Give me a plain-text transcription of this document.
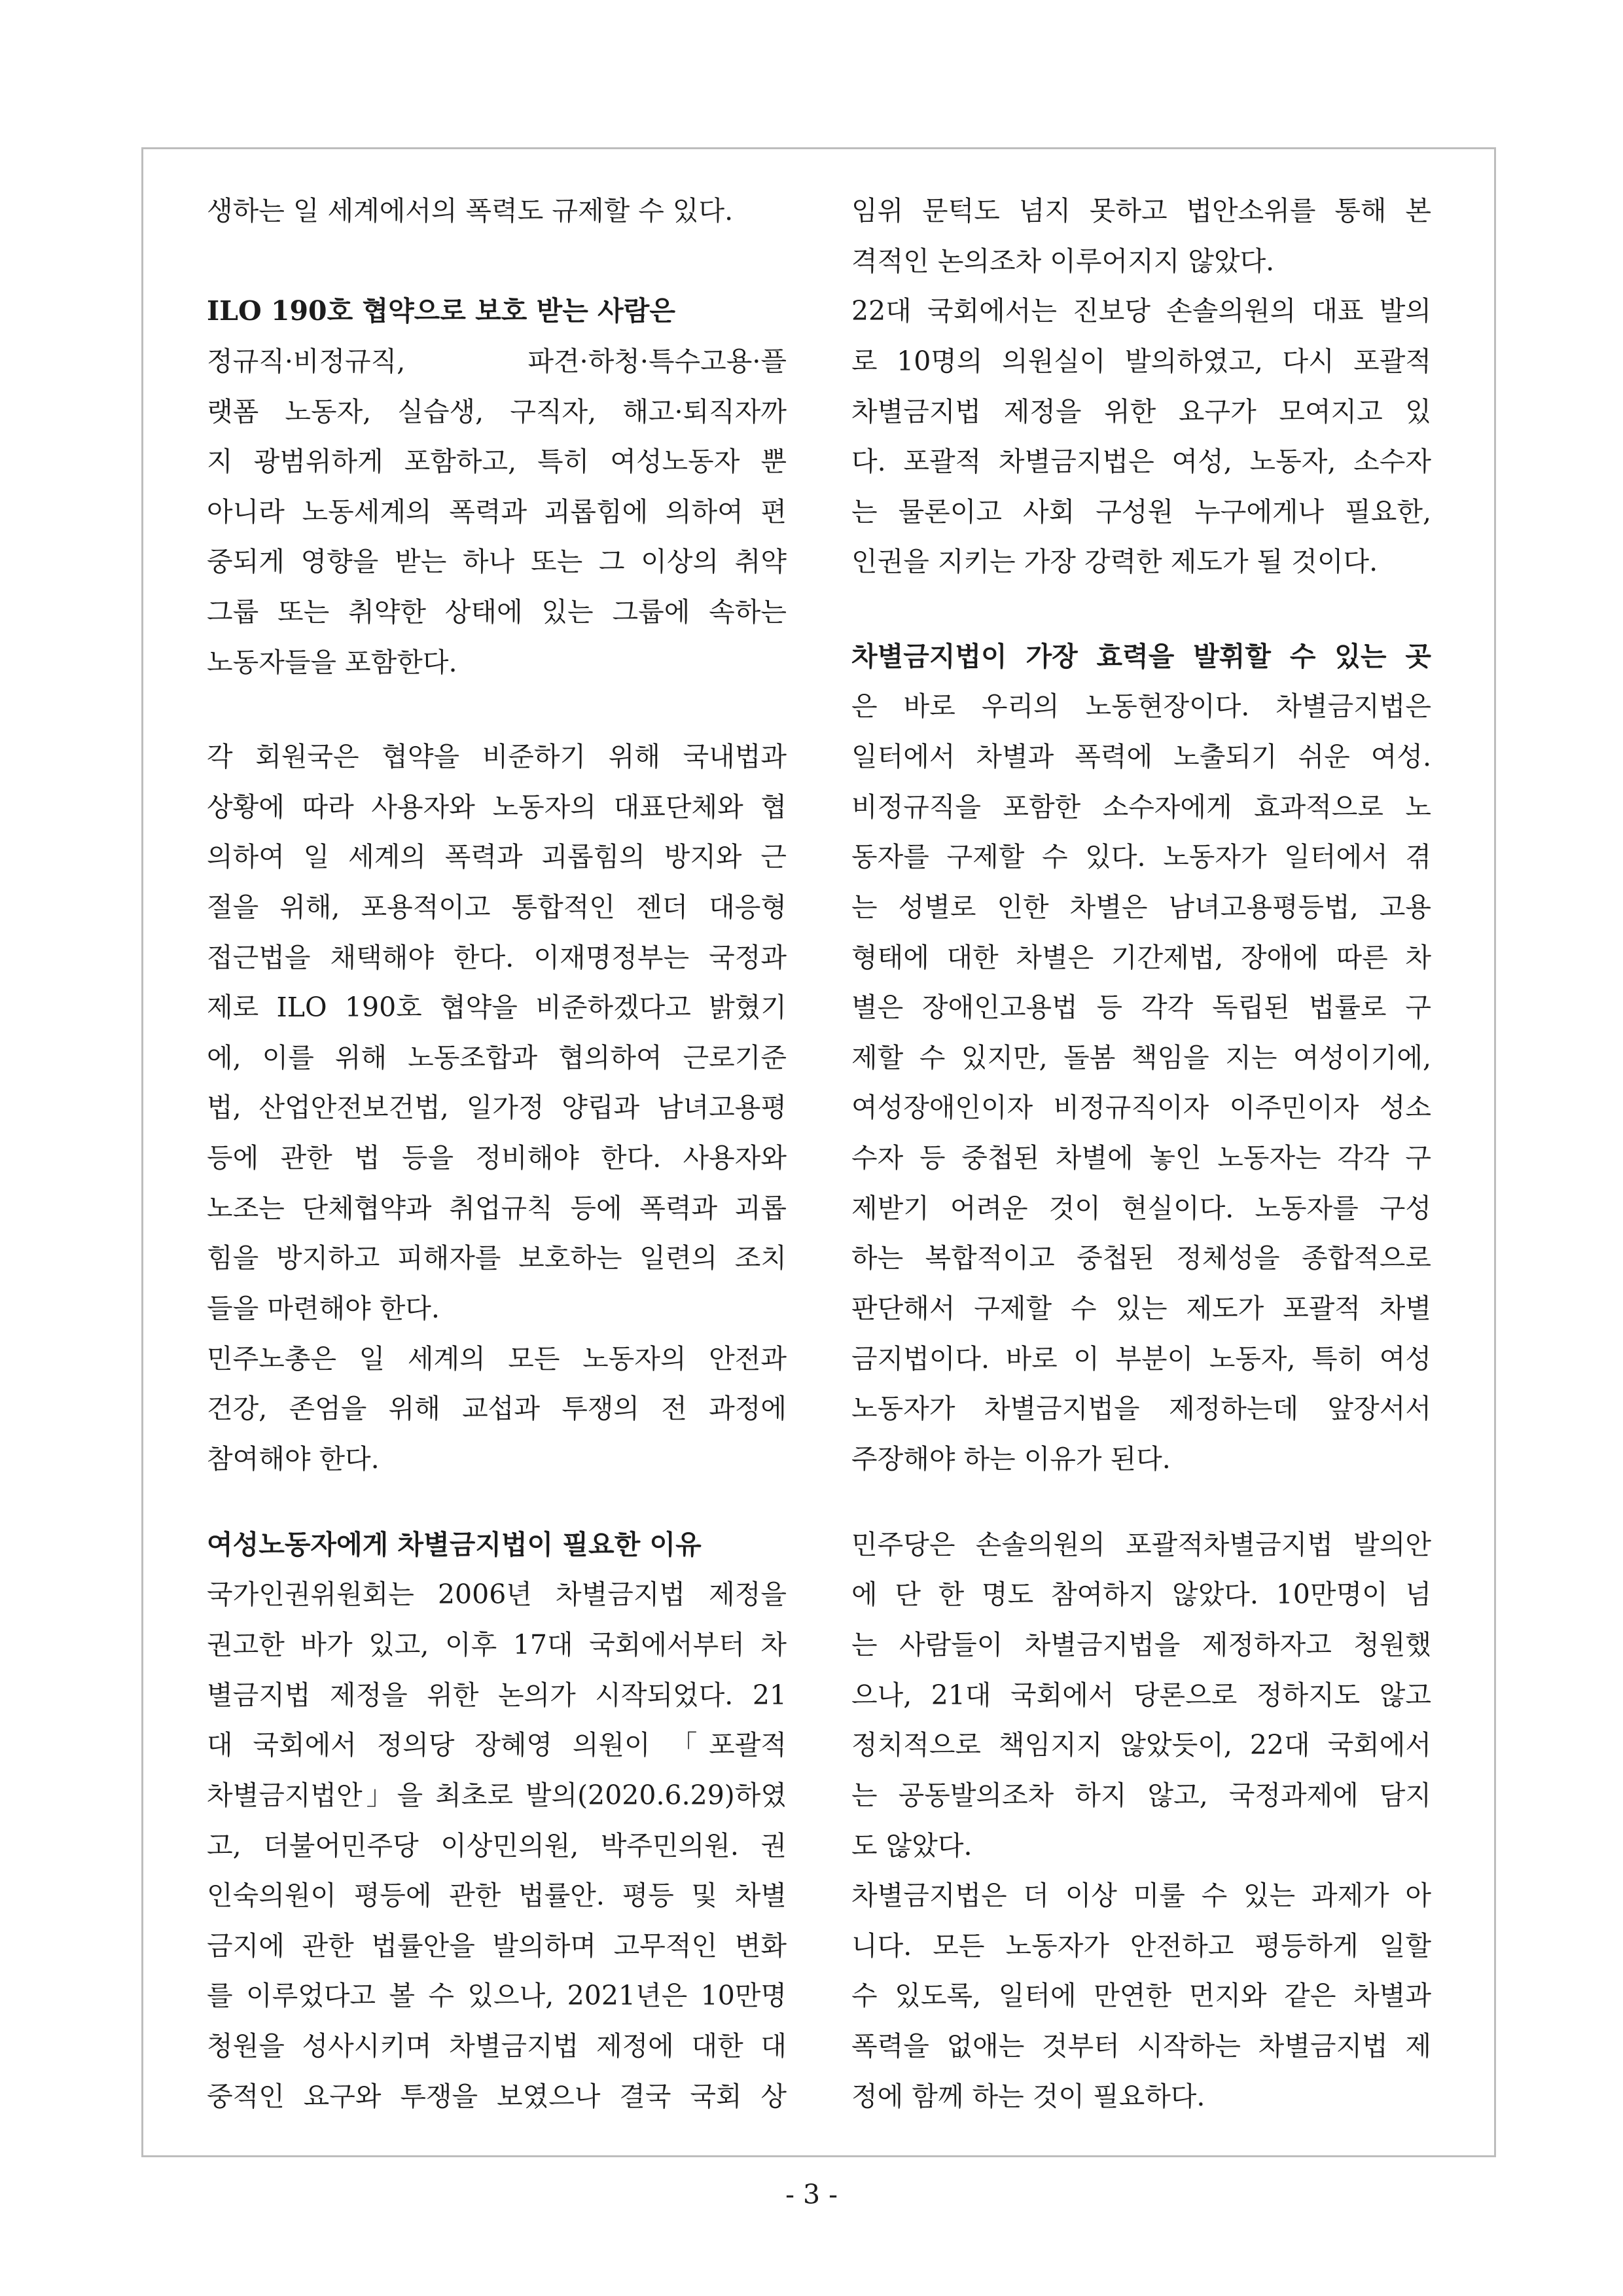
생하는 일 세계에서의 폭력도 규제할 수 있다.
ILO 190호 협약으로 보호 받는 사람은
정규직·비정규직, 파견·하청·특수고용·플
랫폼 노동자, 실습생, 구직자, 해고·퇴직자까
지 광범위하게 포함하고, 특히 여성노동자 뿐
아니라 노동세계의 폭력과 괴롭힘에 의하여 편
중되게 영향을 받는 하나 또는 그 이상의 취약
그룹 또는 취약한 상태에 있는 그룹에 속하는
노동자들을 포함한다.
각 회원국은 협약을 비준하기 위해 국내법과
상황에 따라 사용자와 노동자의 대표단체와 협
의하여 일 세계의 폭력과 괴롭힘의 방지와 근
절을 위해, 포용적이고 통합적인 젠더 대응형
접근법을 채택해야 한다. 이재명정부는 국정과
제로 ILO 190호 협약을 비준하겠다고 밝혔기
에, 이를 위해 노동조합과 협의하여 근로기준
법, 산업안전보건법, 일가정 양립과 남녀고용평
등에 관한 법 등을 정비해야 한다. 사용자와
노조는 단체협약과 취업규칙 등에 폭력과 괴롭
힘을 방지하고 피해자를 보호하는 일련의 조치
들을 마련해야 한다.
민주노총은 일 세계의 모든 노동자의 안전과
건강, 존엄을 위해 교섭과 투쟁의 전 과정에
참여해야 한다.
여성노동자에게 차별금지법이 필요한 이유
국가인권위원회는 2006년 차별금지법 제정을
권고한 바가 있고, 이후 17대 국회에서부터 차
별금지법 제정을 위한 논의가 시작되었다. 21
대 국회에서 정의당 장혜영 의원이 「포괄적
차별금지법안」을 최초로 발의(2020.6.29)하였
고, 더불어민주당 이상민의원, 박주민의원. 권
인숙의원이 평등에 관한 법률안. 평등 및 차별
금지에 관한 법률안을 발의하며 고무적인 변화
를 이루었다고 볼 수 있으나, 2021년은 10만명
청원을 성사시키며 차별금지법 제정에 대한 대
중적인 요구와 투쟁을 보였으나 결국 국회 상
임위 문턱도 넘지 못하고 법안소위를 통해 본
격적인 논의조차 이루어지지 않았다.
22대 국회에서는 진보당 손솔의원의 대표 발의
로 10명의 의원실이 발의하였고, 다시 포괄적
차별금지법 제정을 위한 요구가 모여지고 있
다. 포괄적 차별금지법은 여성, 노동자, 소수자
는 물론이고 사회 구성원 누구에게나 필요한,
인권을 지키는 가장 강력한 제도가 될 것이다.
차별금지법이 가장 효력을 발휘할 수 있는 곳
은 바로 우리의 노동현장이다. 차별금지법은
일터에서 차별과 폭력에 노출되기 쉬운 여성.
비정규직을 포함한 소수자에게 효과적으로 노
동자를 구제할 수 있다. 노동자가 일터에서 겪
는 성별로 인한 차별은 남녀고용평등법, 고용
형태에 대한 차별은 기간제법, 장애에 따른 차
별은 장애인고용법 등 각각 독립된 법률로 구
제할 수 있지만, 돌봄 책임을 지는 여성이기에,
여성장애인이자 비정규직이자 이주민이자 성소
수자 등 중첩된 차별에 놓인 노동자는 각각 구
제받기 어려운 것이 현실이다. 노동자를 구성
하는 복합적이고 중첩된 정체성을 종합적으로
판단해서 구제할 수 있는 제도가 포괄적 차별
금지법이다. 바로 이 부분이 노동자, 특히 여성
노동자가 차별금지법을 제정하는데 앞장서서
주장해야 하는 이유가 된다.
민주당은 손솔의원의 포괄적차별금지법 발의안
에 단 한 명도 참여하지 않았다. 10만명이 넘
는 사람들이 차별금지법을 제정하자고 청원했
으나, 21대 국회에서 당론으로 정하지도 않고
정치적으로 책임지지 않았듯이, 22대 국회에서
는 공동발의조차 하지 않고, 국정과제에 담지
도 않았다.
차별금지법은 더 이상 미룰 수 있는 과제가 아
니다. 모든 노동자가 안전하고 평등하게 일할
수 있도록, 일터에 만연한 먼지와 같은 차별과
폭력을 없애는 것부터 시작하는 차별금지법 제
정에 함께 하는 것이 필요하다.
- 3 -
